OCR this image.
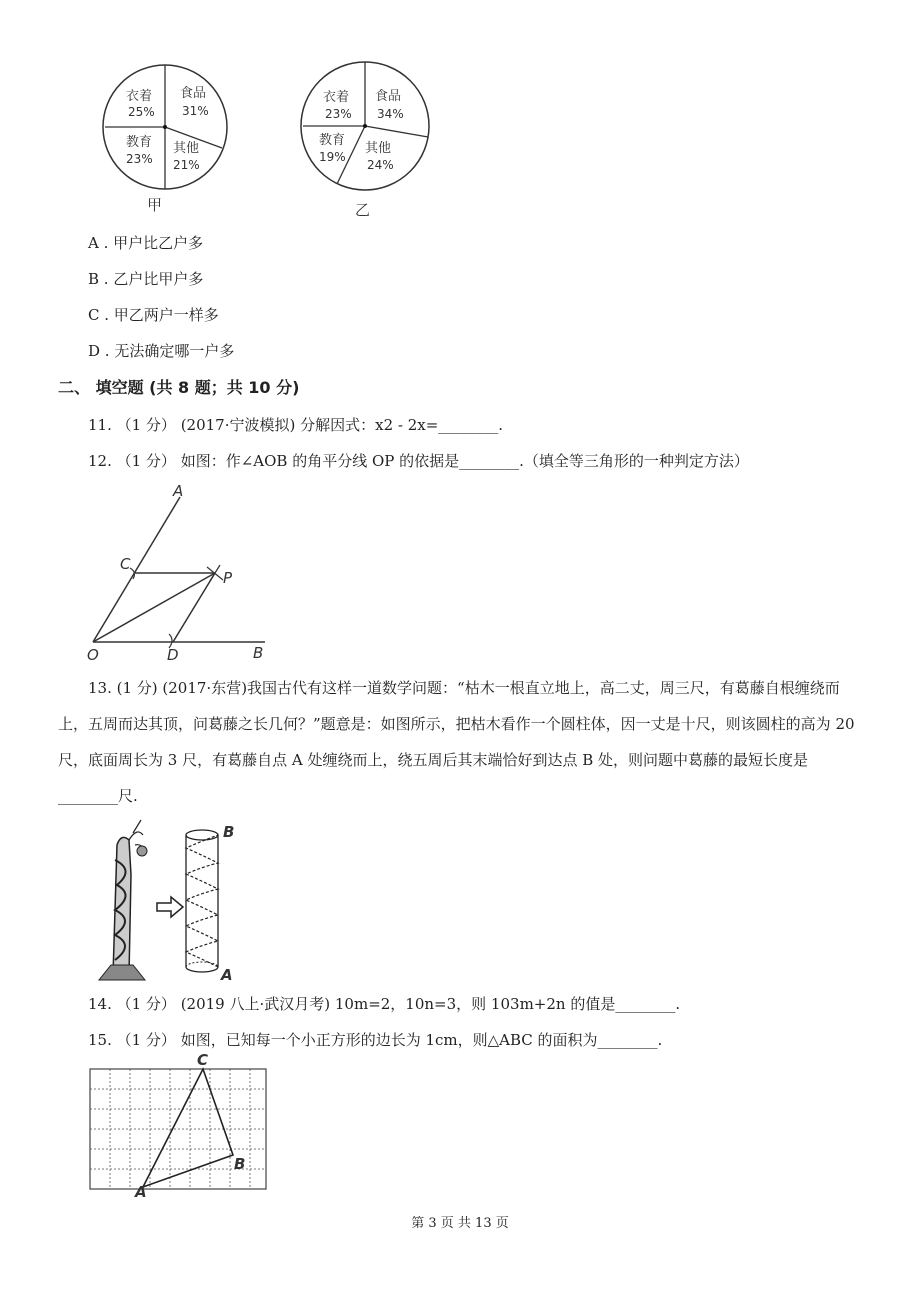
衣着
25%
食品
31%
教育
23%
其他
21%
甲
衣着
23%
食品
34%
教育
19%
其他
24%
乙
A . 甲户比乙户多
B . 乙户比甲户多
C . 甲乙两户一样多
D . 无法确定哪一户多
二、 填空题 (共 8 题；共 10 分)
11. （1 分） (2017·宁波模拟) 分解因式：x2 - 2x=________.
12. （1 分） 如图：作∠AOB 的角平分线 OP 的依据是________.（填全等三角形的一种判定方法）
A
C
P
O	D	B
13. (1 分) (2017·东营)我国古代有这样一道数学问题：“枯木一根直立地上，高二丈，周三尺，有葛藤自根缠绕而上，五周而达其顶，问葛藤之长几何？”题意是：如图所示，把枯木看作一个圆柱体，因一丈是十尺，则该圆柱的高为 20 尺，底面周长为 3 尺，有葛藤自点 A 处缠绕而上，绕五周后其末端恰好到达点 B 处，则问题中葛藤的最短长度是________尺.
B
A
14. （1 分） (2019 八上·武汉月考) 10m=2，10n=3，则 103m+2n 的值是________.
15. （1 分） 如图，已知每一个小正方形的边长为 1cm，则△ABC 的面积为________.
C
B
A
第 3 页 共 13 页
